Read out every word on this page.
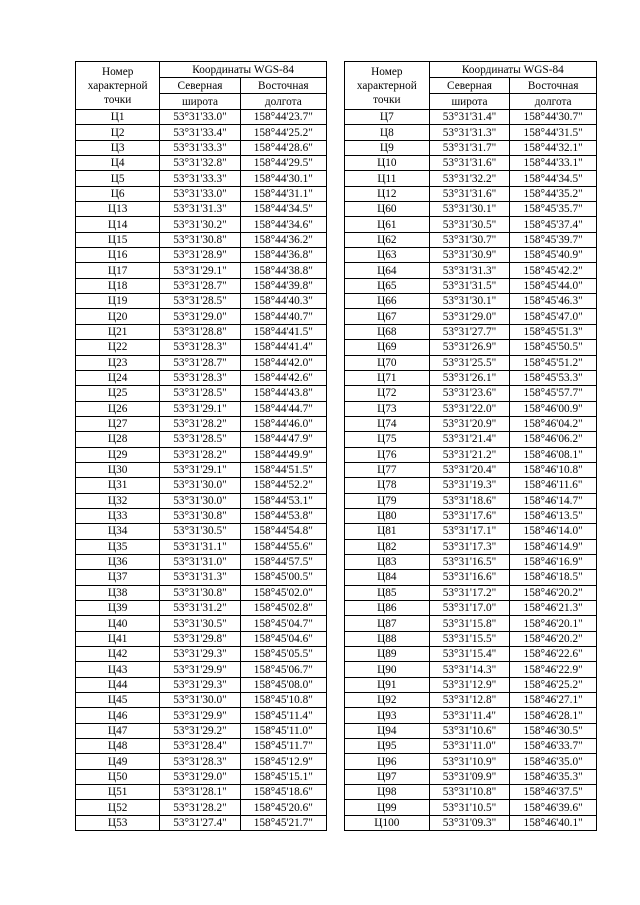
Номер
характерной
точки	Координаты WGS-84	
	Северная	Восточная
	широта	долгота
Ц1	53°31'33.0"	158°44'23.7"
Ц2	53°31'33.4"	158°44'25.2"
Ц3	53°31'33.3"	158°44'28.6"
Ц4	53°31'32.8"	158°44'29.5"
Ц5	53°31'33.3"	158°44'30.1"
Ц6	53°31'33.0"	158°44'31.1"
Ц13	53°31'31.3"	158°44'34.5"
Ц14	53°31'30.2"	158°44'34.6"
Ц15	53°31'30.8"	158°44'36.2"
Ц16	53°31'28.9"	158°44'36.8"
Ц17	53°31'29.1"	158°44'38.8"
Ц18	53°31'28.7"	158°44'39.8"
Ц19	53°31'28.5"	158°44'40.3"
Ц20	53°31'29.0"	158°44'40.7"
Ц21	53°31'28.8"	158°44'41.5"
Ц22	53°31'28.3"	158°44'41.4"
Ц23	53°31'28.7"	158°44'42.0"
Ц24	53°31'28.3"	158°44'42.6"
Ц25	53°31'28.5"	158°44'43.8"
Ц26	53°31'29.1"	158°44'44.7"
Ц27	53°31'28.2"	158°44'46.0"
Ц28	53°31'28.5"	158°44'47.9"
Ц29	53°31'28.2"	158°44'49.9"
Ц30	53°31'29.1"	158°44'51.5"
Ц31	53°31'30.0"	158°44'52.2"
Ц32	53°31'30.0"	158°44'53.1"
Ц33	53°31'30.8"	158°44'53.8"
Ц34	53°31'30.5"	158°44'54.8"
Ц35	53°31'31.1"	158°44'55.6"
Ц36	53°31'31.0"	158°44'57.5"
Ц37	53°31'31.3"	158°45'00.5"
Ц38	53°31'30.8"	158°45'02.0"
Ц39	53°31'31.2"	158°45'02.8"
Ц40	53°31'30.5"	158°45'04.7"
Ц41	53°31'29.8"	158°45'04.6"
Ц42	53°31'29.3"	158°45'05.5"
Ц43	53°31'29.9"	158°45'06.7"
Ц44	53°31'29.3"	158°45'08.0"
Ц45	53°31'30.0"	158°45'10.8"
Ц46	53°31'29.9"	158°45'11.4"
Ц47	53°31'29.2"	158°45'11.0"
Ц48	53°31'28.4"	158°45'11.7"
Ц49	53°31'28.3"	158°45'12.9"
Ц50	53°31'29.0"	158°45'15.1"
Ц51	53°31'28.1"	158°45'18.6"
Ц52	53°31'28.2"	158°45'20.6"
Ц53	53°31'27.4"	158°45'21.7"
Номер
характерной
точки	Координаты WGS-84	
	Северная	Восточная
	широта	долгота
Ц7	53°31'31.4"	158°44'30.7"
Ц8	53°31'31.3"	158°44'31.5"
Ц9	53°31'31.7"	158°44'32.1"
Ц10	53°31'31.6"	158°44'33.1"
Ц11	53°31'32.2"	158°44'34.5"
Ц12	53°31'31.6"	158°44'35.2"
Ц60	53°31'30.1"	158°45'35.7"
Ц61	53°31'30.5"	158°45'37.4"
Ц62	53°31'30.7"	158°45'39.7"
Ц63	53°31'30.9"	158°45'40.9"
Ц64	53°31'31.3"	158°45'42.2"
Ц65	53°31'31.5"	158°45'44.0"
Ц66	53°31'30.1"	158°45'46.3"
Ц67	53°31'29.0"	158°45'47.0"
Ц68	53°31'27.7"	158°45'51.3"
Ц69	53°31'26.9"	158°45'50.5"
Ц70	53°31'25.5"	158°45'51.2"
Ц71	53°31'26.1"	158°45'53.3"
Ц72	53°31'23.6"	158°45'57.7"
Ц73	53°31'22.0"	158°46'00.9"
Ц74	53°31'20.9"	158°46'04.2"
Ц75	53°31'21.4"	158°46'06.2"
Ц76	53°31'21.2"	158°46'08.1"
Ц77	53°31'20.4"	158°46'10.8"
Ц78	53°31'19.3"	158°46'11.6"
Ц79	53°31'18.6"	158°46'14.7"
Ц80	53°31'17.6"	158°46'13.5"
Ц81	53°31'17.1"	158°46'14.0"
Ц82	53°31'17.3"	158°46'14.9"
Ц83	53°31'16.5"	158°46'16.9"
Ц84	53°31'16.6"	158°46'18.5"
Ц85	53°31'17.2"	158°46'20.2"
Ц86	53°31'17.0"	158°46'21.3"
Ц87	53°31'15.8"	158°46'20.1"
Ц88	53°31'15.5"	158°46'20.2"
Ц89	53°31'15.4"	158°46'22.6"
Ц90	53°31'14.3"	158°46'22.9"
Ц91	53°31'12.9"	158°46'25.2"
Ц92	53°31'12.8"	158°46'27.1"
Ц93	53°31'11.4"	158°46'28.1"
Ц94	53°31'10.6"	158°46'30.5"
Ц95	53°31'11.0"	158°46'33.7"
Ц96	53°31'10.9"	158°46'35.0"
Ц97	53°31'09.9"	158°46'35.3"
Ц98	53°31'10.8"	158°46'37.5"
Ц99	53°31'10.5"	158°46'39.6"
Ц100	53°31'09.3"	158°46'40.1"
